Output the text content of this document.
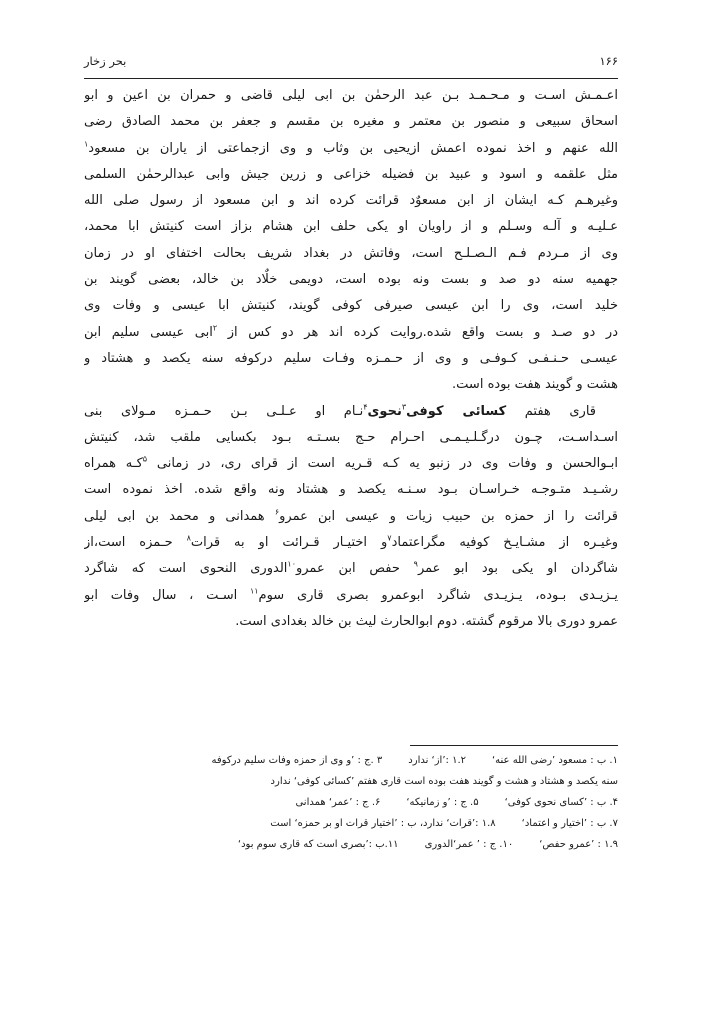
۱۶۶
بحر زخار
اعـمـش اسـت و مـحـمـد بـن عبد الرحمٰن بن ابی لیلی قاضی و حمران بن اعین و ابو
اسحاق سبیعی و منصور بن معتمر و مغیره بن مقسم و جعفر بن محمد الصادق رضی
الله عنهم و اخذ نموده اعمش ازیحیی بن وثاب و وی ازجماعتی از یاران بن مسعود$^۱$
مثل علقمه و اسود و عبید بن فضیله خزاعی و زرین جیش وابی عبدالرحمٰن السلمی
وغیرهـم کـه ایشان از ابن مسعوٌد قرائت کرده اند و ابن مسعود از رسول صلی الله
عـلیـه و آلـه وسـلم و از راویان او یکی حلف ابن هشام بزاز است کنیتش ابا محمد،
وی از مـردم فـم الـصـلـح است، وفاتش در بغداد شریف بحالت اختفای او در زمان
جهمیه سنه دو صد و بست ونه بوده است، دویمی خلٌاد بن خالد، بعضی گویند بن
خلید است، وی را ابن عیسی صیرفی کوفی گویند، کنیتش ابا عیسی و وفات وی
در دو صـد و بست واقع شده.روایت کرده اند هر دو کس از $^۲$ابی عیسی سلیم ابن
عیسـی حـنـفـی کـوفـی و وی از حـمـزه وفـات سلیم درکوفه سنه یکصد و هشتاد و
هشت و گویند هفت بوده است.
قاری هفتم کسائی کوفی$^۳$نحوی$^۴$نـام او عـلـی بـن حـمـزه مـولای بنی
اسـداسـت، چـون درگـلـیـمـی احـرام حـج بسـتـه بـود بکسایی ملقب شد، کنیتش
ابـوالحسن و وفات وی در زنبو یه کـه قـریه است از قرای ری، در زمانی $^۵$کـه همراه
رشـیـد متـوجـه خـراسـان بـود سـنـه یکصد و هشتاد ونه واقع شده. اخذ نموده است
قرائت را از حمزه بن حبیب زیات و عیسی ابن عمرو$^۶$ همدانی و محمد بن ابی لیلی
وغیـره از مشـایـخ کوفیه مگراعتماد$^۷$و اختیـار قـرائت او به قرات$^۸$ حـمزه است،از
شاگردان او یکی بود ابو عمر$^۹$ حفص ابن عمرو$^{۱۰}$الدوری النحوی است که شاگرد
یـزیـدی بـوده، یـزیـدی شاگرد ابوعمرو بصری قاری سوم$^{۱۱}$ اسـت ، سال وفات ابو
عمرو دوری بالا مرقوم گشته. دوم ابوالحارث لیث بن خالد بغدادی است.
۱. ب : مسعود ’رضی الله عنه‘
۱.۲ :’از‘ ندارد
۳ .ج : ’و وی از حمزه وفات سلیم درکوفه
سنه یکصد و هشتاد و هشت و گویند هفت بوده است قاری هفتم ’کسائی کوفی‘ ندارد
۴. ب : ’کسای نحوی کوفی‘
۵. ج : ’و زمانیکه‘
۶. ج : ’عمر‘ همدانی
۷. ب : ’اختیار و اعتماد‘
۱.۸ :’قرات‘ ندارد، ب : ’اختیار قرات او بر حمزه‘ است
۱.۹ : ’عمرو حفص‘
۱۰. ج : ’ عمر‘الدوری
۱۱.ب :’بصری است که قاری سوم بود‘
